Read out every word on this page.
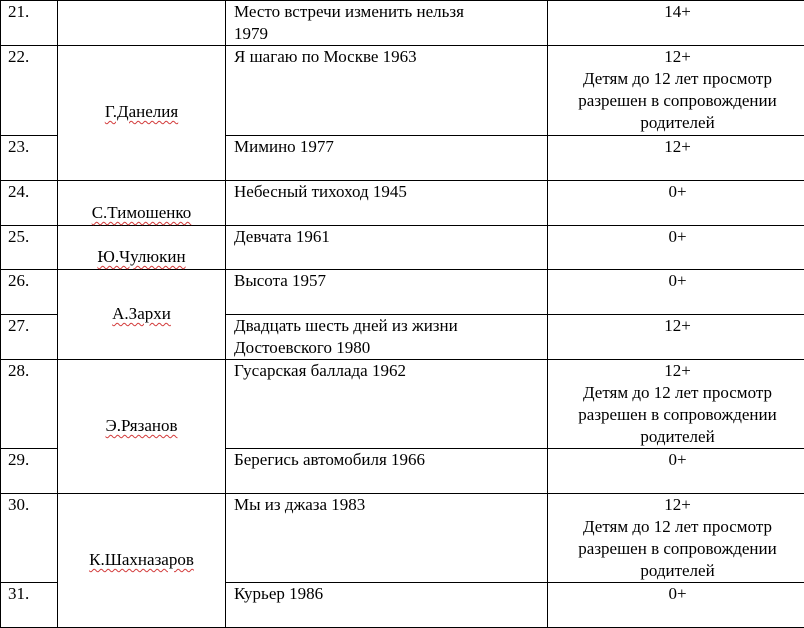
21.		Место встречи изменить нельзя
1979	14+

22.	Г.Данелия	Я шагаю по Москве 1963	12+
Детям до 12 лет просмотр
разрешен в сопровождении
родителей

23.		Мимино 1977	12+

24.	С.Тимошенко	Небесный тихоход 1945	0+

25.	Ю.Чулюкин	Девчата 1961	0+

26.	А.Зархи	Высота 1957	0+

27.		Двадцать шесть дней из жизни
Достоевского 1980	12+

28.	Э.Рязанов	Гусарская баллада 1962	12+
Детям до 12 лет просмотр
разрешен в сопровождении
родителей

29.		Берегись автомобиля 1966	0+

30.	К.Шахназаров	Мы из джаза 1983	12+
Детям до 12 лет просмотр
разрешен в сопровождении
родителей

31.		Курьер 1986	0+
